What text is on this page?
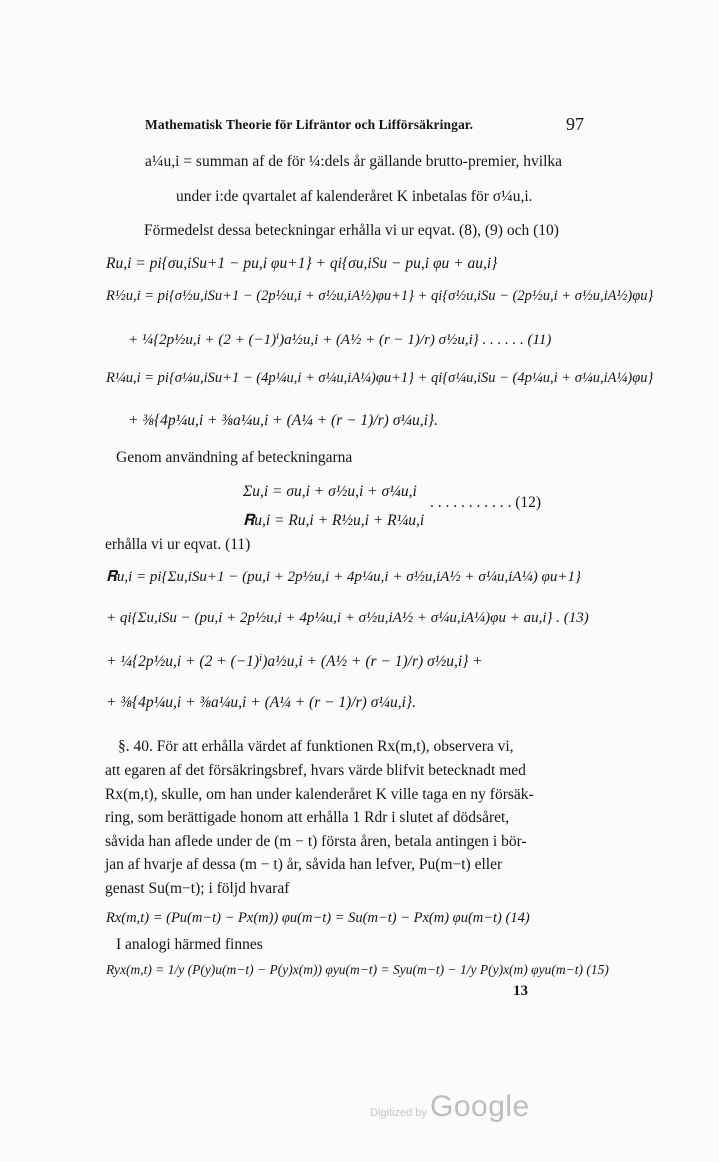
Mathematisk Theorie för Lifräntor och Lifförsäkringar.	97
a¼u,i = summan af de för ¼:dels år gällande brutto-premier, hvilka
under i:de qvartalet af kalenderåret K inbetalas för σ¼u,i.
Förmedelst dessa beteckningar erhålla vi ur eqvat. (8), (9) och (10)
Ru,i = pi{σu,iSu+1 − pu,i φu+1} + qi{σu,iSu − pu,i φu + au,i}
R½u,i = pi{σ½u,iSu+1 − (2p½u,i + σ½u,iA½)φu+1} + qi{σ½u,iSu − (2p½u,i + σ½u,iA½)φu}
+ ¼{2p½u,i + (2 + (−1)ⁱ)a½u,i + (A½ + (r − 1)/r) σ½u,i} . . . . . . (11)
R¼u,i = pi{σ¼u,iSu+1 − (4p¼u,i + σ¼u,iA¼)φu+1} + qi{σ¼u,iSu − (4p¼u,i + σ¼u,iA¼)φu}
+ ⅜{4p¼u,i + ⅜a¼u,i + (A¼ + (r − 1)/r) σ¼u,i}.
Genom användning af beteckningarna
Σu,i = σu,i + σ½u,i + σ¼u,i
. . . . . . . . . . . (12)
𝐑u,i = Ru,i + R½u,i + R¼u,i
erhålla vi ur eqvat. (11)
𝐑u,i = pi{Σu,iSu+1 − (pu,i + 2p½u,i + 4p¼u,i + σ½u,iA½ + σ¼u,iA¼) φu+1}
+ qi{Σu,iSu − (pu,i + 2p½u,i + 4p¼u,i + σ½u,iA½ + σ¼u,iA¼)φu + au,i} . (13)
+ ¼{2p½u,i + (2 + (−1)ⁱ)a½u,i + (A½ + (r − 1)/r) σ½u,i} +
+ ⅜{4p¼u,i + ⅜a¼u,i + (A¼ + (r − 1)/r) σ¼u,i}.
§. 40. För att erhålla värdet af funktionen Rx(m,t), observera vi,
att egaren af det försäkringsbref, hvars värde blifvit betecknadt med
Rx(m,t), skulle, om han under kalenderåret K ville taga en ny försäk-
ring, som berättigade honom att erhålla 1 Rdr i slutet af dödsåret,
såvida han aflede under de (m − t) första åren, betala antingen i bör-
jan af hvarje af dessa (m − t) år, såvida han lefver, Pu(m−t) eller
genast Su(m−t); i följd hvaraf
Rx(m,t) = (Pu(m−t) − Px(m)) φu(m−t) = Su(m−t) − Px(m) φu(m−t) (14)
I analogi härmed finnes
Ryx(m,t) = 1/y (P(y)u(m−t) − P(y)x(m)) φyu(m−t) = Syu(m−t) − 1/y P(y)x(m) φyu(m−t) (15)
13
Digitized by Google
